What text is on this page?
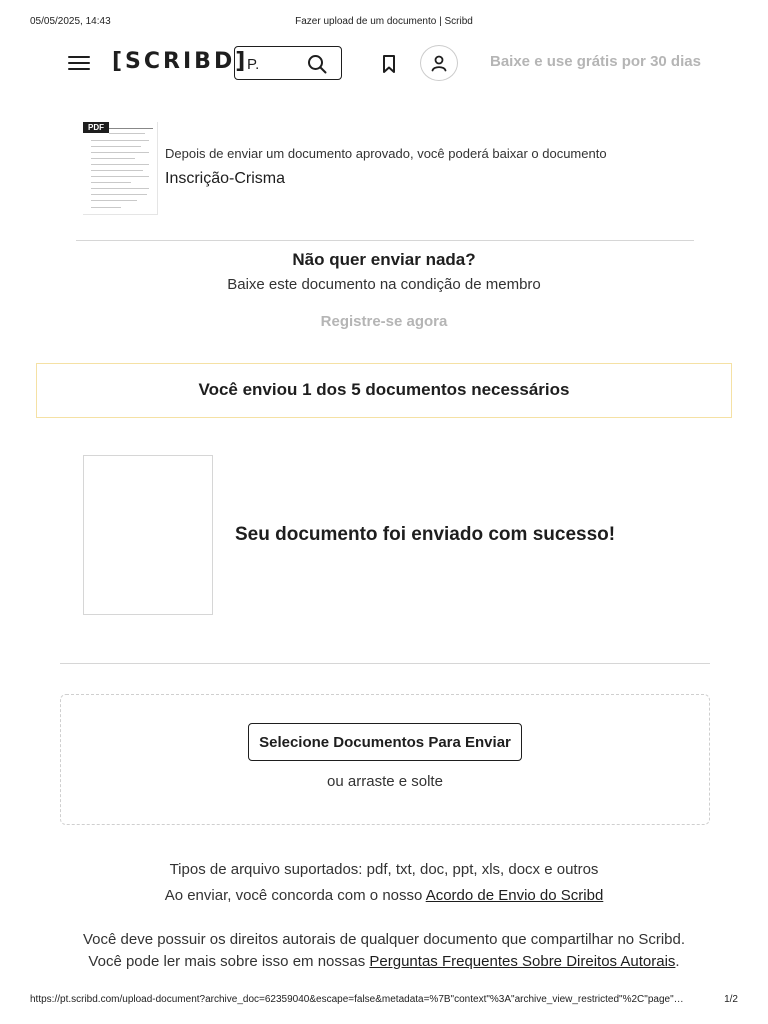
05/05/2025, 14:43	Fazer upload de um documento | Scribd
[SCRIBD]
P.	Baixe e use grátis por 30 dias
PDF
Depois de enviar um documento aprovado, você poderá baixar o documento
Inscrição-Crisma
Não quer enviar nada?
Baixe este documento na condição de membro
Registre-se agora
Você enviou 1 dos 5 documentos necessários
Seu documento foi enviado com sucesso!
Selecione Documentos Para Enviar
ou arraste e solte
Tipos de arquivo suportados: pdf, txt, doc, ppt, xls, docx e outros
Ao enviar, você concorda com o nosso Acordo de Envio do Scribd
Você deve possuir os direitos autorais de qualquer documento que compartilhar no Scribd.
Você pode ler mais sobre isso em nossas Perguntas Frequentes Sobre Direitos Autorais.
https://pt.scribd.com/upload-document?archive_doc=62359040&escape=false&metadata=%7B"context"%3A"archive_view_restricted"%2C"page"…	1/2
